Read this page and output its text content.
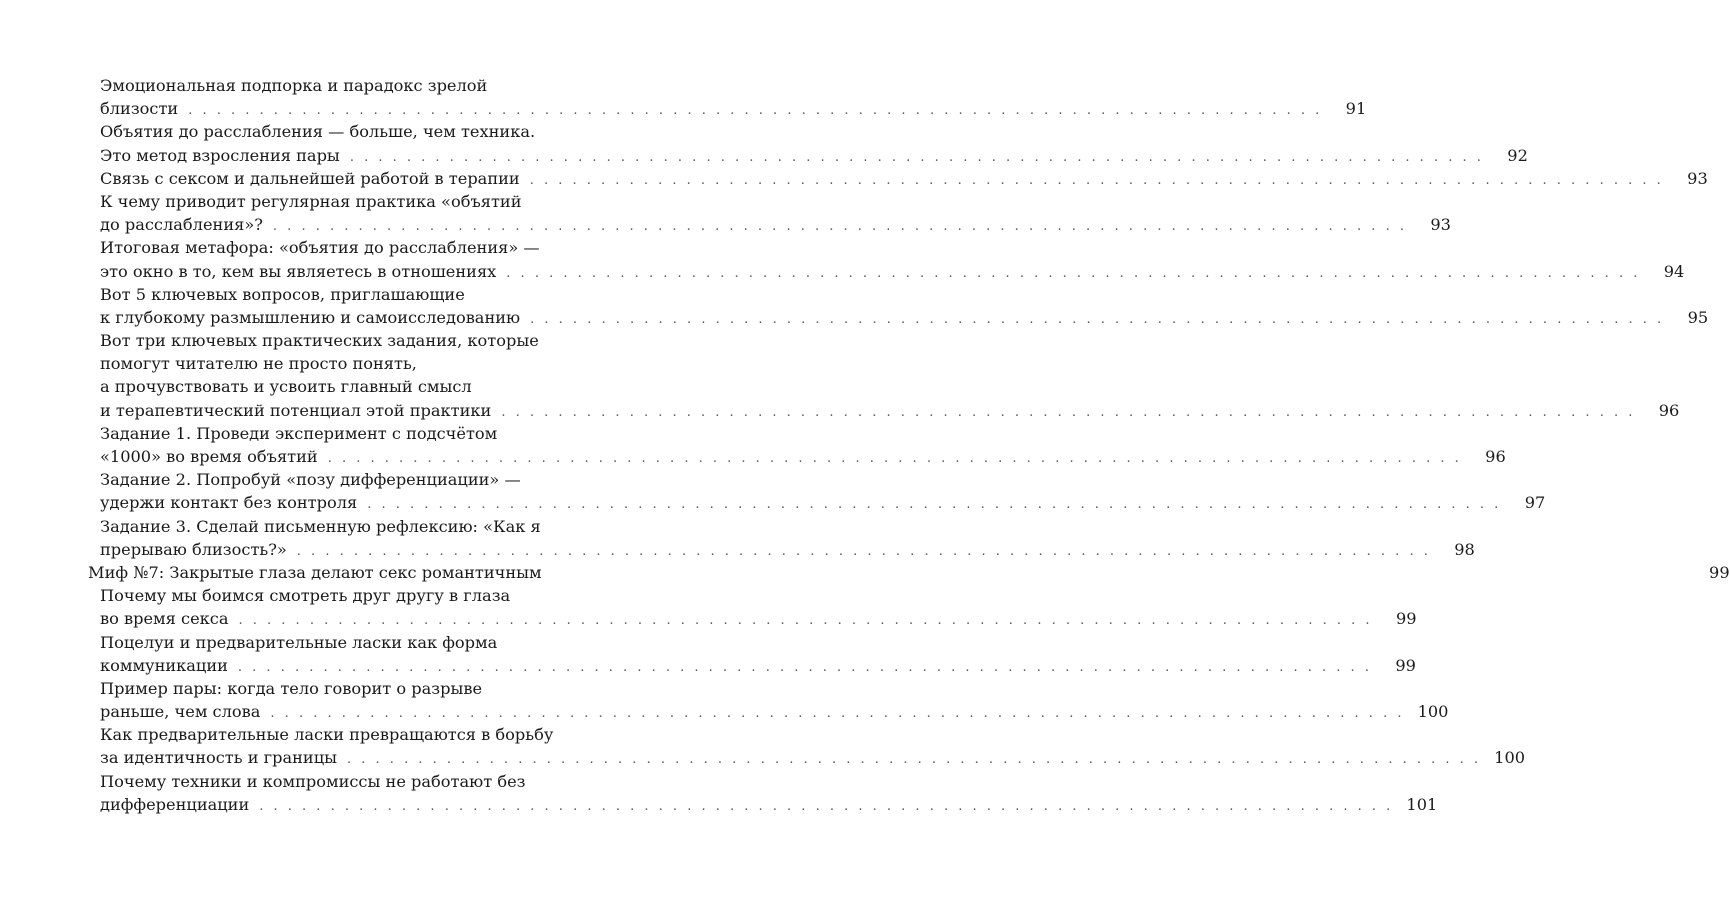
Эмоциональная подпорка и парадокс зрелой
близости . . . . . . . . . . . . . . . . . . . . . . . . . . . . . . . . . . . . . . . . . . . . . . . . . . . . . . . . . . . . . . . . . . . . . . . . . . . . . . . .	91
Объятия до расслабления — больше, чем техника.
Это метод взросления пары . . . . . . . . . . . . . . . . . . . . . . . . . . . . . . . . . . . . . . . . . . . . . . . . . . . . . . . . . . . . . . . . . . . . . . . . . . . . . . . .	92
Связь с сексом и дальнейшей работой в терапии . . . . . . . . . . . . . . . . . . . . . . . . . . . . . . . . . . . . . . . . . . . . . . . . . . . . . . . . . . . . . . . . . . . . . . . . . . . . . . . .	93
К чему приводит регулярная практика «объятий
до расслабления»? . . . . . . . . . . . . . . . . . . . . . . . . . . . . . . . . . . . . . . . . . . . . . . . . . . . . . . . . . . . . . . . . . . . . . . . . . . . . . . . .	93
Итоговая метафора: «объятия до расслабления» —
это окно в то, кем вы являетесь в отношениях . . . . . . . . . . . . . . . . . . . . . . . . . . . . . . . . . . . . . . . . . . . . . . . . . . . . . . . . . . . . . . . . . . . . . . . . . . . . . . . .	94
Вот 5 ключевых вопросов, приглашающие
к глубокому размышлению и самоисследованию . . . . . . . . . . . . . . . . . . . . . . . . . . . . . . . . . . . . . . . . . . . . . . . . . . . . . . . . . . . . . . . . . . . . . . . . . . . . . . . .	95
Вот три ключевых практических задания, которые
помогут читателю не просто понять,
а прочувствовать и усвоить главный смысл
и терапевтический потенциал этой практики . . . . . . . . . . . . . . . . . . . . . . . . . . . . . . . . . . . . . . . . . . . . . . . . . . . . . . . . . . . . . . . . . . . . . . . . . . . . . . . .	96
Задание 1. Проведи эксперимент с подсчётом
«1000» во время объятий . . . . . . . . . . . . . . . . . . . . . . . . . . . . . . . . . . . . . . . . . . . . . . . . . . . . . . . . . . . . . . . . . . . . . . . . . . . . . . . .	96
Задание 2. Попробуй «позу дифференциации» —
удержи контакт без контроля . . . . . . . . . . . . . . . . . . . . . . . . . . . . . . . . . . . . . . . . . . . . . . . . . . . . . . . . . . . . . . . . . . . . . . . . . . . . . . . .	97
Задание 3. Сделай письменную рефлексию: «Как я
прерываю близость?» . . . . . . . . . . . . . . . . . . . . . . . . . . . . . . . . . . . . . . . . . . . . . . . . . . . . . . . . . . . . . . . . . . . . . . . . . . . . . . . .	98
Миф №7: Закрытые глаза делают секс романтичным	99
Почему мы боимся смотреть друг другу в глаза
во время секса . . . . . . . . . . . . . . . . . . . . . . . . . . . . . . . . . . . . . . . . . . . . . . . . . . . . . . . . . . . . . . . . . . . . . . . . . . . . . . . .	99
Поцелуи и предварительные ласки как форма
коммуникации . . . . . . . . . . . . . . . . . . . . . . . . . . . . . . . . . . . . . . . . . . . . . . . . . . . . . . . . . . . . . . . . . . . . . . . . . . . . . . . .	99
Пример пары: когда тело говорит о разрыве
раньше, чем слова . . . . . . . . . . . . . . . . . . . . . . . . . . . . . . . . . . . . . . . . . . . . . . . . . . . . . . . . . . . . . . . . . . . . . . . . . . . . . . . . 100
Как предварительные ласки превращаются в борьбу
за идентичность и границы . . . . . . . . . . . . . . . . . . . . . . . . . . . . . . . . . . . . . . . . . . . . . . . . . . . . . . . . . . . . . . . . . . . . . . . . . . . . . . . . 100
Почему техники и компромиссы не работают без
дифференциации . . . . . . . . . . . . . . . . . . . . . . . . . . . . . . . . . . . . . . . . . . . . . . . . . . . . . . . . . . . . . . . . . . . . . . . . . . . . . . . . 101
